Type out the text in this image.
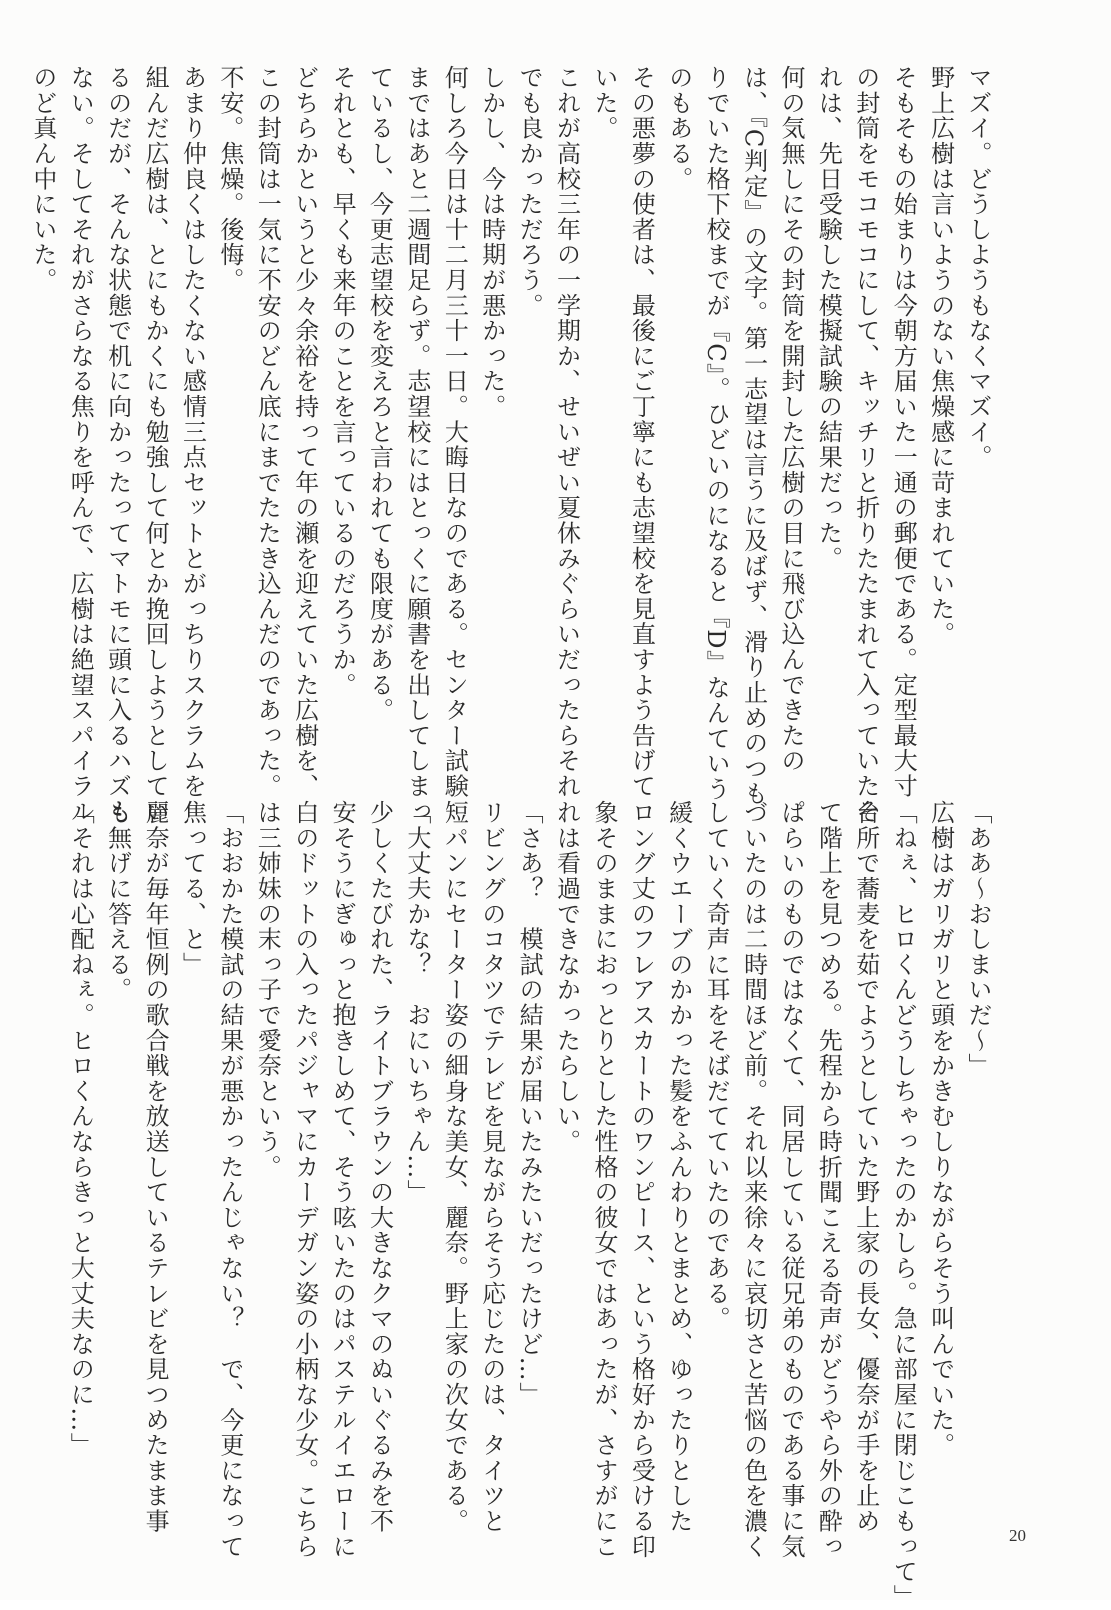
マズイ。どうしようもなくマズイ。

野上広樹は言いようのない焦燥感に苛まれていた。

そもそもの始まりは今朝方届いた一通の郵便である。定型最大寸

の封筒をモコモコにして、キッチリと折りたたまれて入っていたそ

れは、先日受験した模擬試験の結果だった。

何の気無しにその封筒を開封した広樹の目に飛び込んできたの

は、『C判定』の文字。第一志望は言うに及ばず、滑り止めのつも

りでいた格下校までが『C』。ひどいのになると『D』なんていう

のもある。

その悪夢の使者は、最後にご丁寧にも志望校を見直すよう告げて

いた。

これが高校三年の一学期か、せいぜい夏休みぐらいだったらそれ

でも良かっただろう。

しかし、今は時期が悪かった。

何しろ今日は十二月三十一日。大晦日なのである。センター試験

まではあと二週間足らず。志望校にはとっくに願書を出してしまっ

ているし、今更志望校を変えろと言われても限度がある。

それとも、早くも来年のことを言っているのだろうか。

どちらかというと少々余裕を持って年の瀬を迎えていた広樹を、

この封筒は一気に不安のどん底にまでたたき込んだのであった。

不安。焦燥。後悔。

あまり仲良くはしたくない感情三点セットとがっちりスクラムを

組んだ広樹は、とにもかくにも勉強して何とか挽回しようとしてい

るのだが、そんな状態で机に向かったってマトモに頭に入るハズも

ない。そしてそれがさらなる焦りを呼んで、広樹は絶望スパイラル

のど真ん中にいた。

「ああ〜おしまいだ〜」

広樹はガリガリと頭をかきむしりながらそう叫んでいた。

「ねぇ、ヒロくんどうしちゃったのかしら。急に部屋に閉じこもって」

台所で蕎麦を茹でようとしていた野上家の長女、優奈が手を止め

て階上を見つめる。先程から時折聞こえる奇声がどうやら外の酔っ

ぱらいのものではなくて、同居している従兄弟のものである事に気

づいたのは二時間ほど前。それ以来徐々に哀切さと苦悩の色を濃く

していく奇声に耳をそばだてていたのである。

緩くウエーブのかかった髪をふんわりとまとめ、ゆったりとした

ロング丈のフレアスカートのワンピース、という格好から受ける印

象そのままにおっとりとした性格の彼女ではあったが、さすがにこ

れは看過できなかったらしい。

「さあ？　模試の結果が届いたみたいだったけど…」

リビングのコタツでテレビを見ながらそう応じたのは、タイツと

短パンにセーター姿の細身な美女、麗奈。野上家の次女である。

「大丈夫かな？　おにいちゃん…」

少しくたびれた、ライトブラウンの大きなクマのぬいぐるみを不

安そうにぎゅっと抱きしめて、そう呟いたのはパステルイエローに

白のドットの入ったパジャマにカーデガン姿の小柄な少女。こちら

は三姉妹の末っ子で愛奈という。

「おおかた模試の結果が悪かったんじゃない？　で、今更になって

焦ってる、と」

麗奈が毎年恒例の歌合戦を放送しているテレビを見つめたまま事

も無げに答える。

「それは心配ねぇ。ヒロくんならきっと大丈夫なのに…」

20
